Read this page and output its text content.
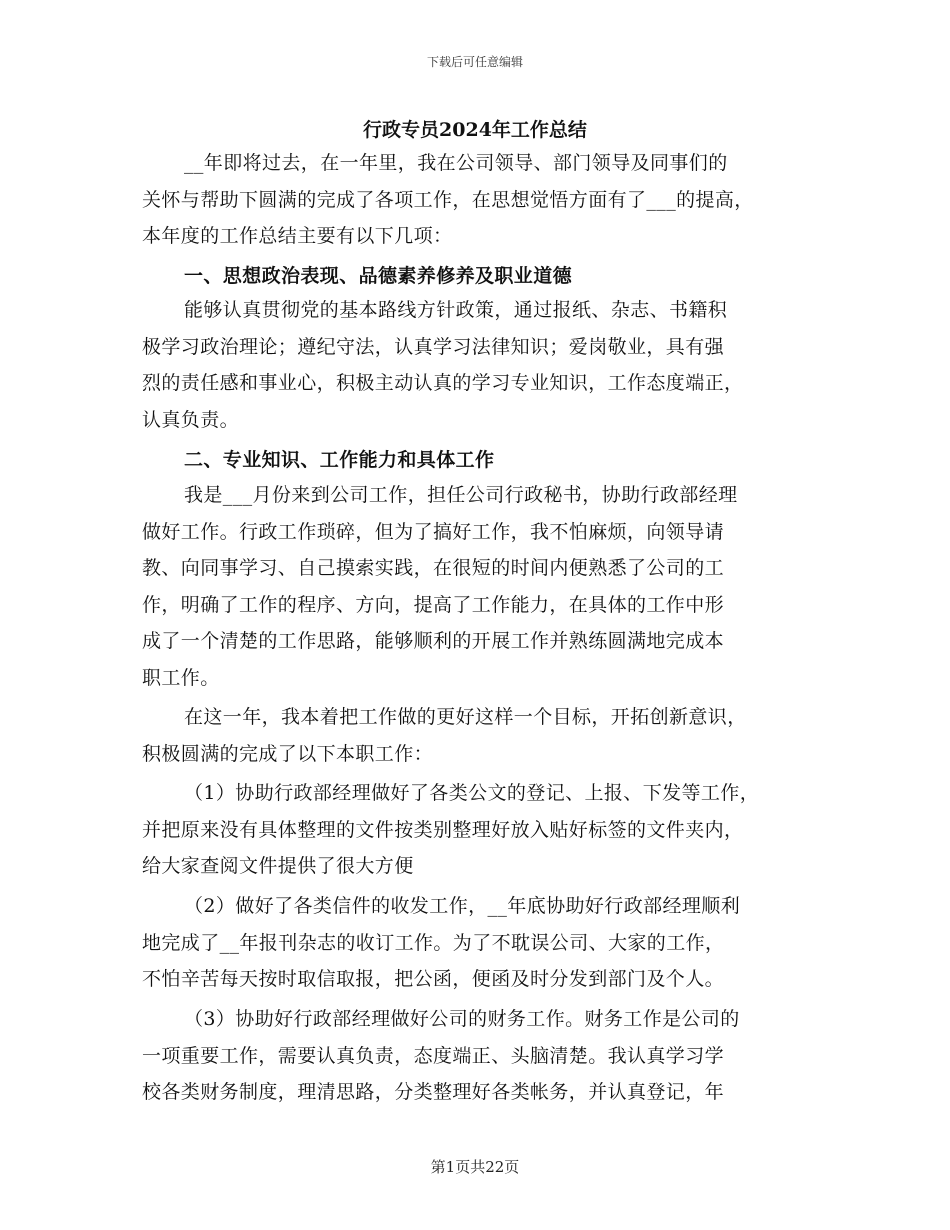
下载后可任意编辑
行政专员2024年工作总结
__年即将过去，在一年里，我在公司领导、部门领导及同事们的
关怀与帮助下圆满的完成了各项工作，在思想觉悟方面有了___的提高，
本年度的工作总结主要有以下几项：
一、思想政治表现、品德素养修养及职业道德
能够认真贯彻党的基本路线方针政策，通过报纸、杂志、书籍积
极学习政治理论；遵纪守法，认真学习法律知识；爱岗敬业，具有强
烈的责任感和事业心，积极主动认真的学习专业知识，工作态度端正，
认真负责。
二、专业知识、工作能力和具体工作
我是___月份来到公司工作，担任公司行政秘书，协助行政部经理
做好工作。行政工作琐碎，但为了搞好工作，我不怕麻烦，向领导请
教、向同事学习、自己摸索实践，在很短的时间内便熟悉了公司的工
作，明确了工作的程序、方向，提高了工作能力，在具体的工作中形
成了一个清楚的工作思路，能够顺利的开展工作并熟练圆满地完成本
职工作。
在这一年，我本着把工作做的更好这样一个目标，开拓创新意识，
积极圆满的完成了以下本职工作：
（1）协助行政部经理做好了各类公文的登记、上报、下发等工作，
并把原来没有具体整理的文件按类别整理好放入贴好标签的文件夹内，
给大家查阅文件提供了很大方便
（2）做好了各类信件的收发工作，__年底协助好行政部经理顺利
地完成了__年报刊杂志的收订工作。为了不耽误公司、大家的工作，
不怕辛苦每天按时取信取报，把公函，便函及时分发到部门及个人。
（3）协助好行政部经理做好公司的财务工作。财务工作是公司的
一项重要工作，需要认真负责，态度端正、头脑清楚。我认真学习学
校各类财务制度，理清思路，分类整理好各类帐务，并认真登记，年
第1页共22页
